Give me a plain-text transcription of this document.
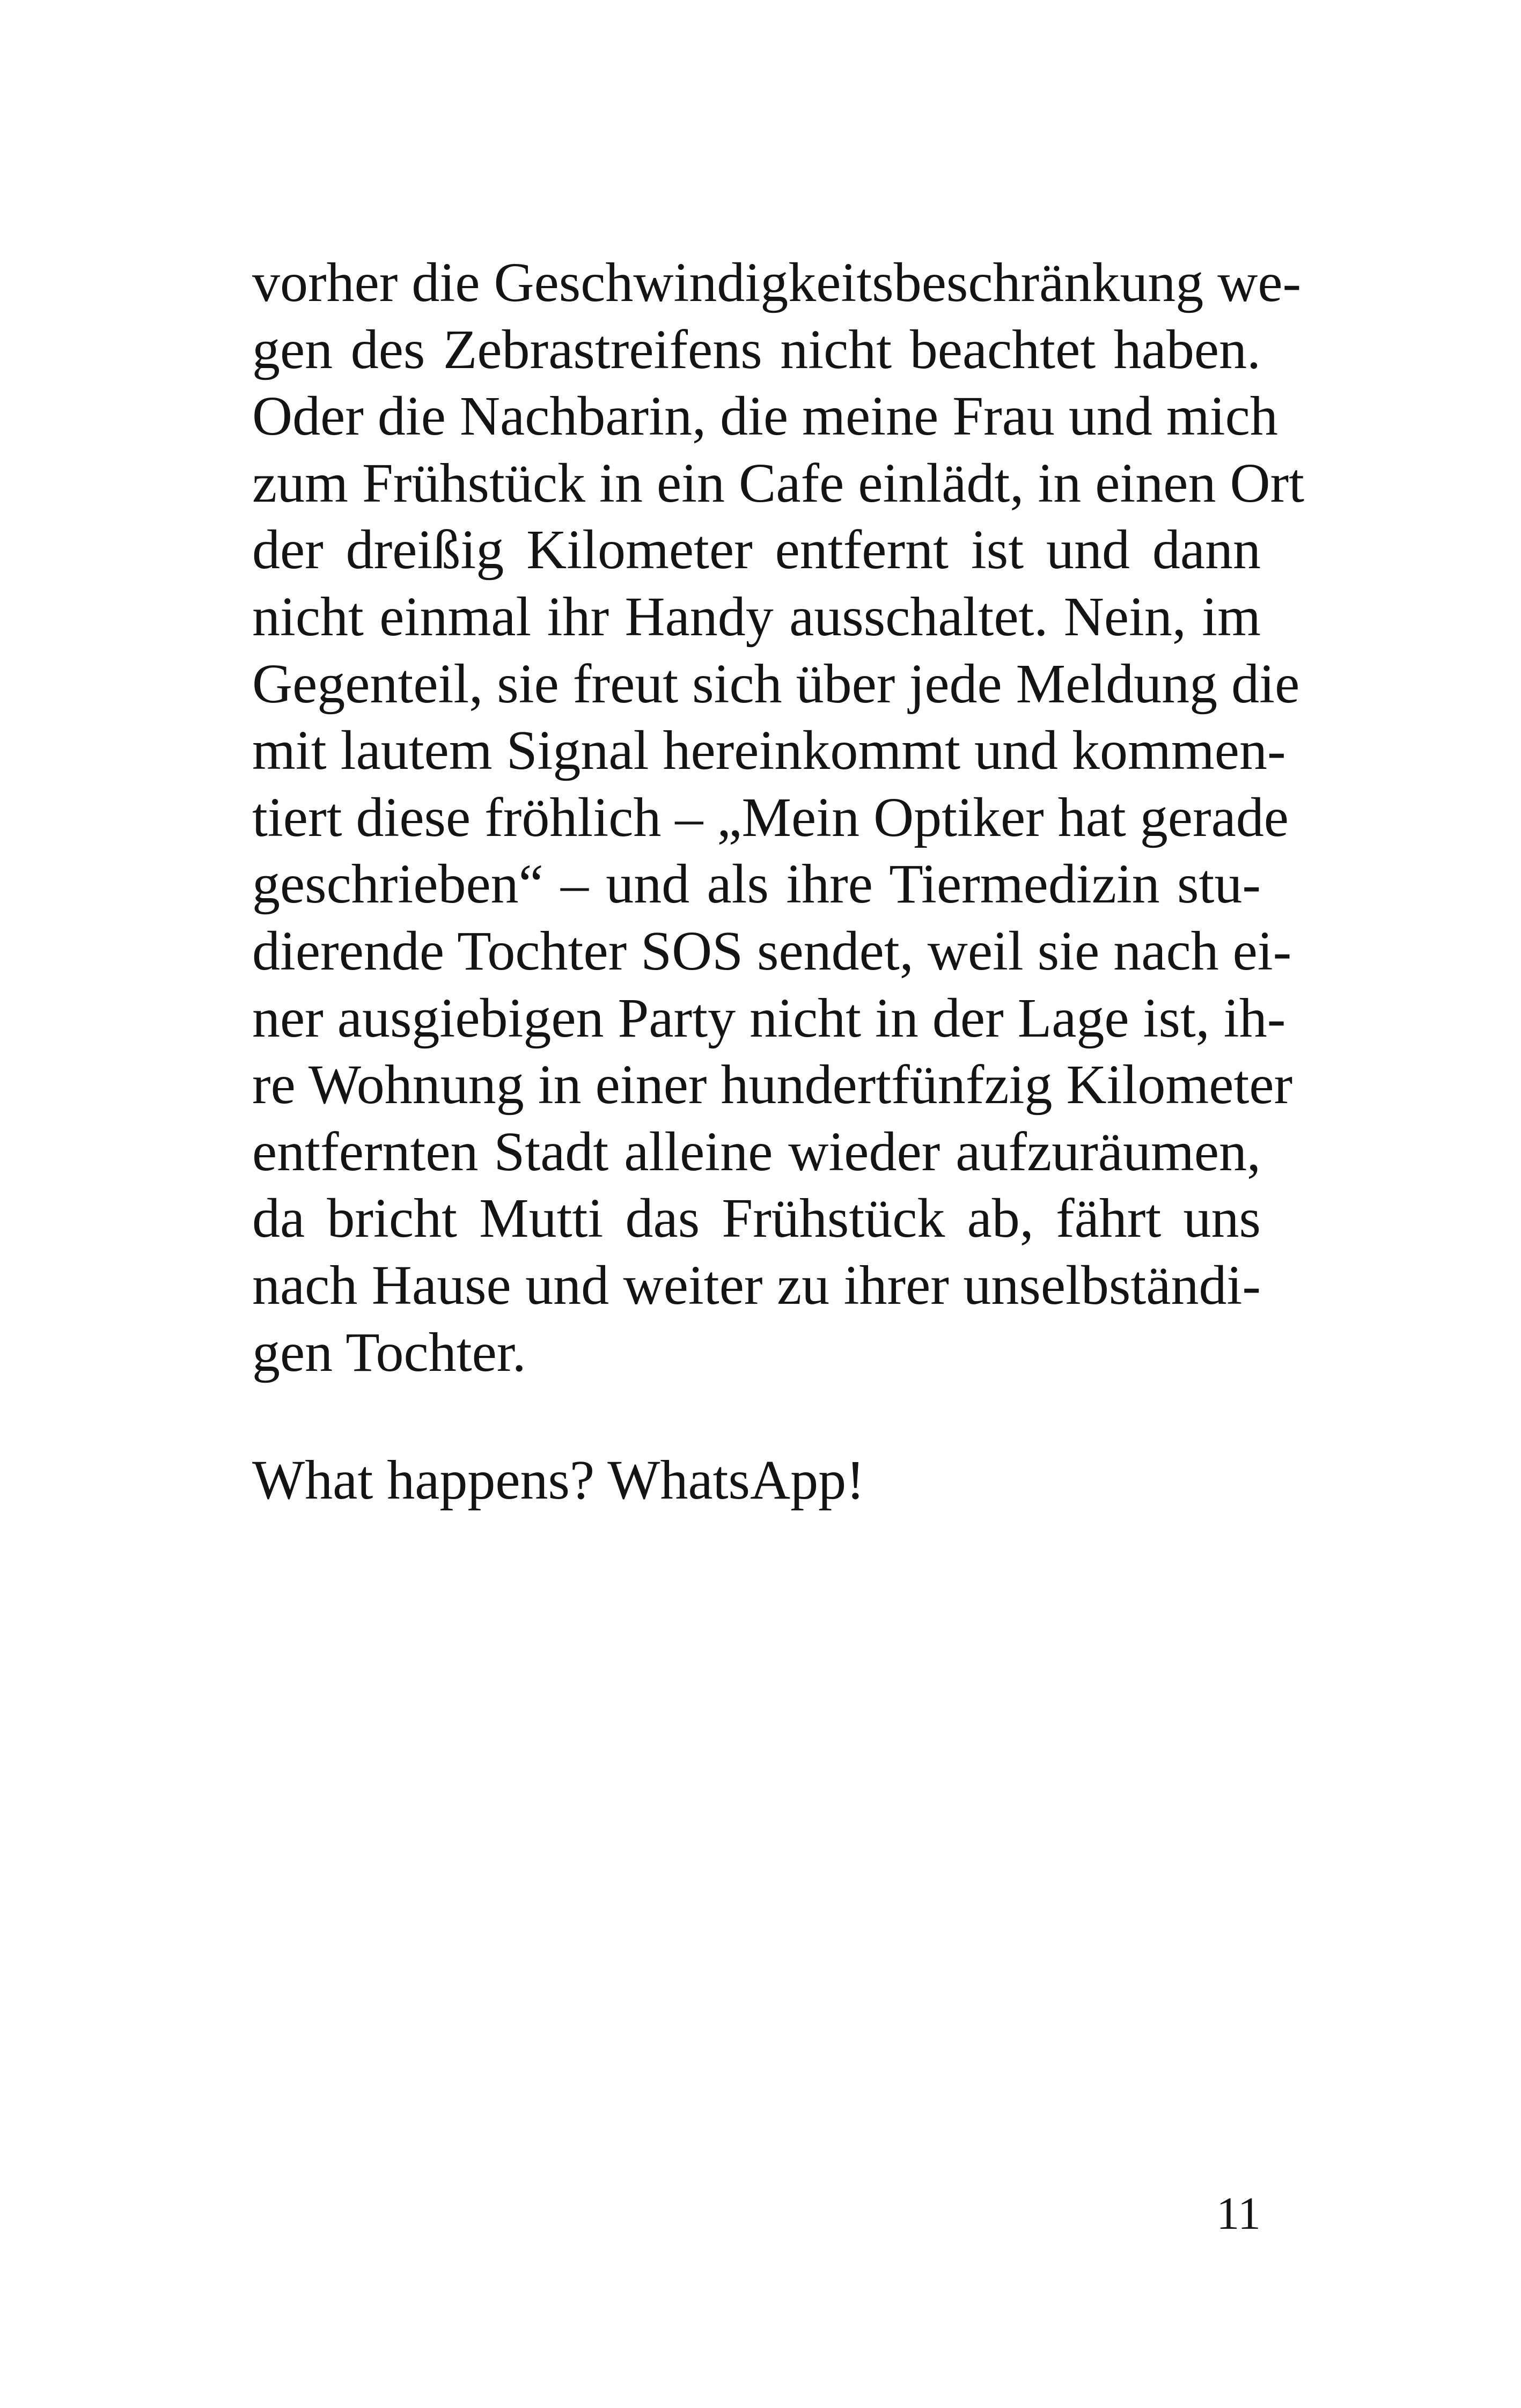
vorher die Geschwindigkeitsbeschränkung we-
gen des Zebrastreifens nicht beachtet haben.
Oder die Nachbarin, die meine Frau und mich
zum Frühstück in ein Cafe einlädt, in einen Ort
der dreißig Kilometer entfernt ist und dann
nicht einmal ihr Handy ausschaltet. Nein, im
Gegenteil, sie freut sich über jede Meldung die
mit lautem Signal hereinkommt und kommen-
tiert diese fröhlich – „Mein Optiker hat gerade
geschrieben“ – und als ihre Tiermedizin stu-
dierende Tochter SOS sendet, weil sie nach ei-
ner ausgiebigen Party nicht in der Lage ist, ih-
re Wohnung in einer hundertfünfzig Kilometer
entfernten Stadt alleine wieder aufzuräumen,
da bricht Mutti das Frühstück ab, fährt uns
nach Hause und weiter zu ihrer unselbständi-
gen Tochter.
What happens? WhatsApp!
11
